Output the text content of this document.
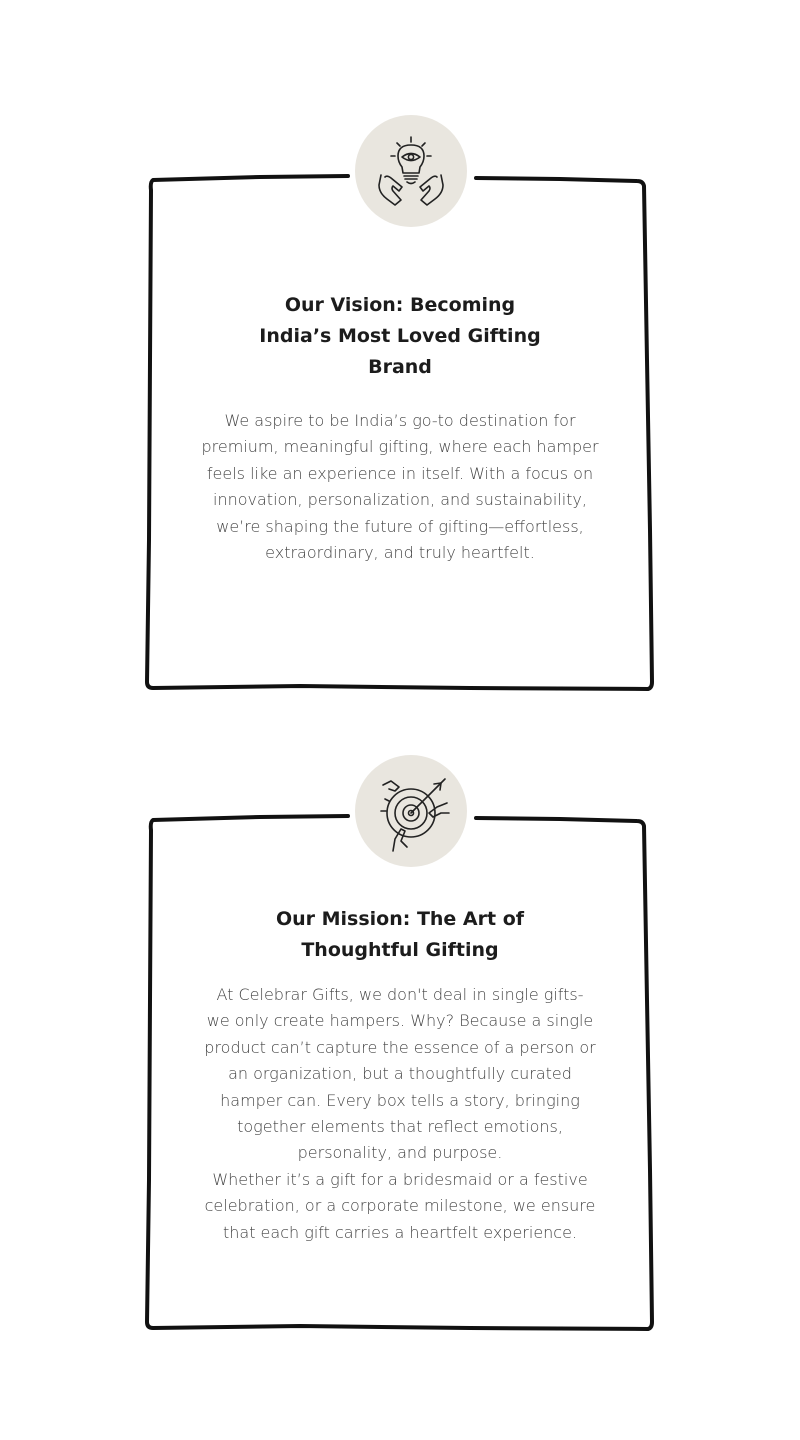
Our Vision: Becoming India’s Most Loved Gifting Brand

We aspire to be India’s go-to destination for
premium, meaningful gifting, where each hamper
feels like an experience in itself. With a focus on
innovation, personalization, and sustainability,
we’re shaping the future of gifting—effortless,
extraordinary, and truly heartfelt.

Our Mission: The Art of Thoughtful Gifting

At Celebrar Gifts, we don't deal in single gifts-
we only create hampers. Why? Because a single
product can’t capture the essence of a person or
an organization, but a thoughtfully curated
hamper can. Every box tells a story, bringing
together elements that reflect emotions,
personality, and purpose.
Whether it’s a gift for a bridesmaid or a festive
celebration, or a corporate milestone, we ensure
that each gift carries a heartfelt experience.
